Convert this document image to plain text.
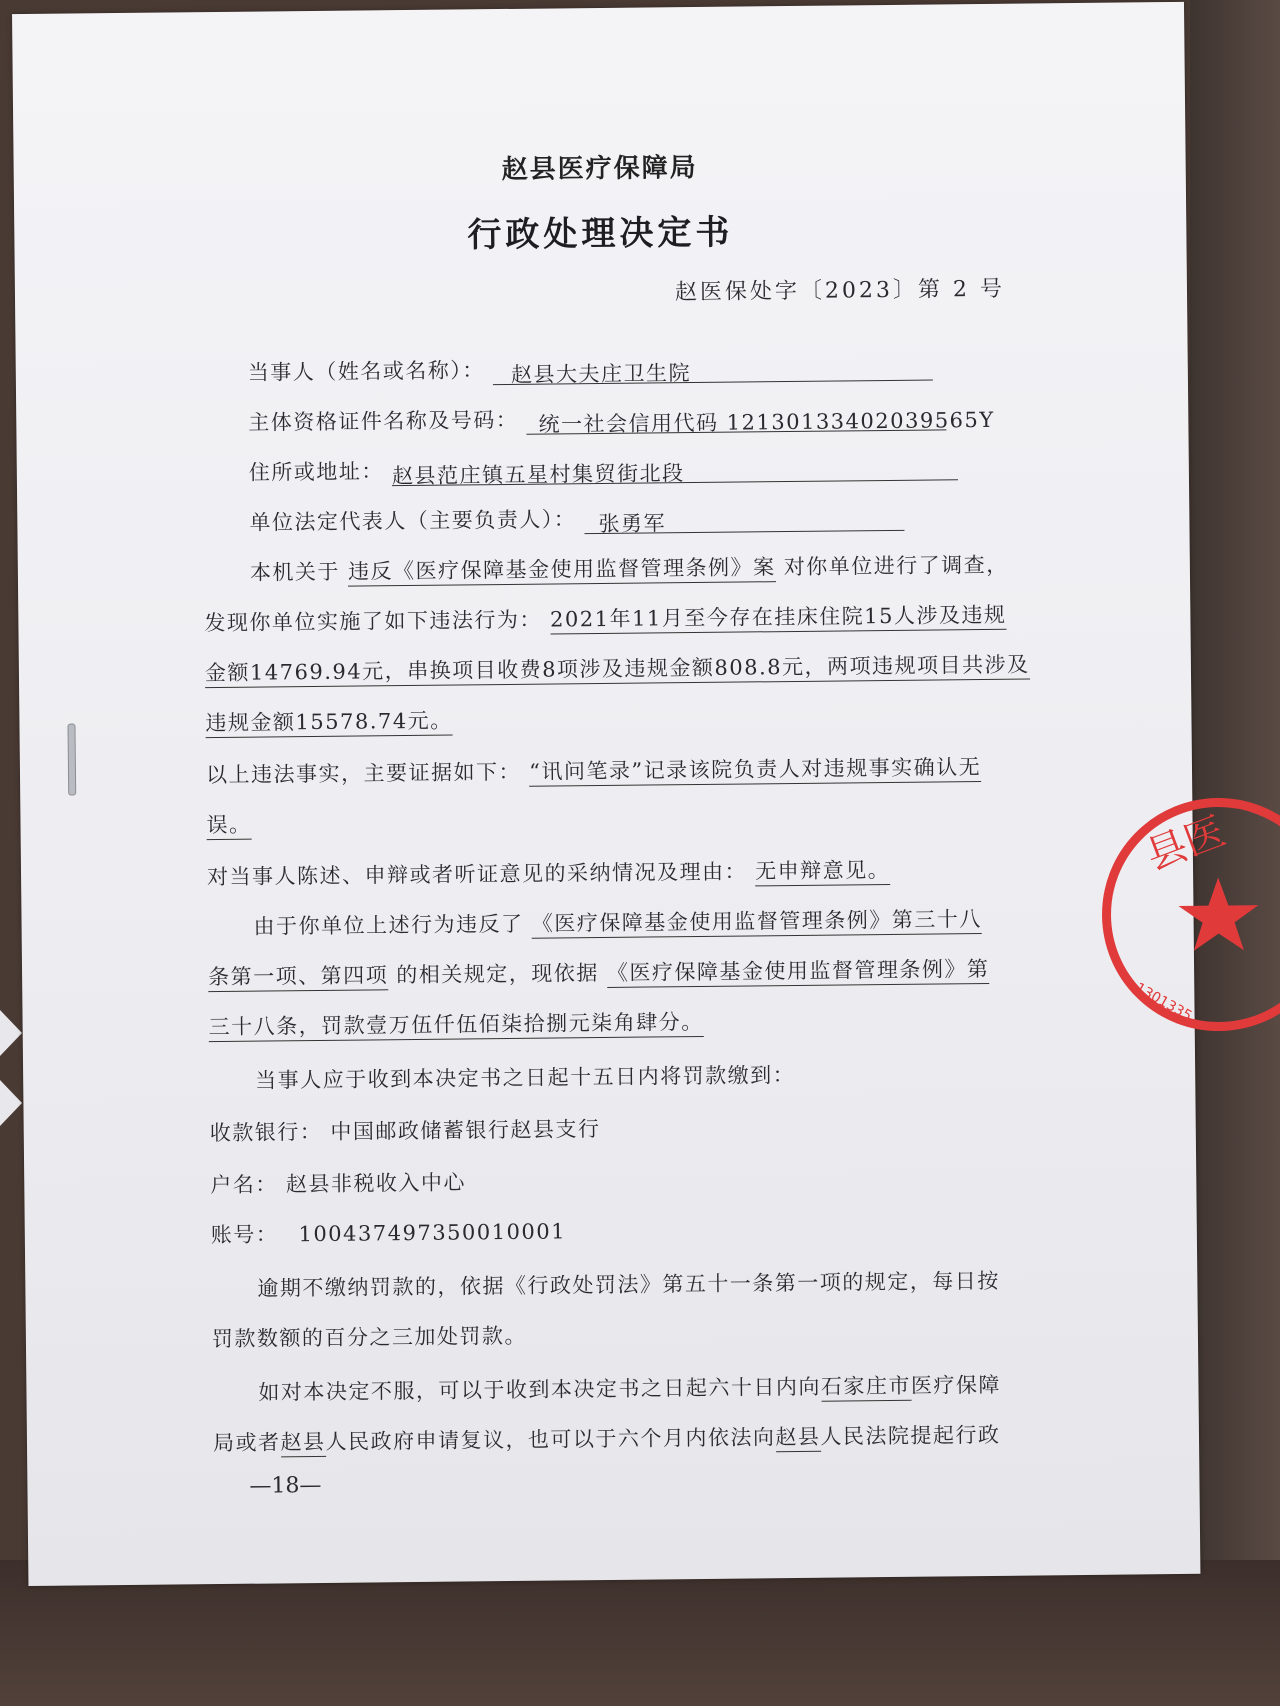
赵县医疗保障局
行政处理决定书
赵医保处字〔2023〕第 2 号
当事人（姓名或名称）： 赵县大夫庄卫生院
主体资格证件名称及号码： 统一社会信用代码 12130133402039565Y
住所或地址： 赵县范庄镇五星村集贸街北段
单位法定代表人（主要负责人）： 张勇军
本机关于 违反《医疗保障基金使用监督管理条例》案 对你单位进行了调查，
发现你单位实施了如下违法行为： 2021年11月至今存在挂床住院15人涉及违规
金额14769.94元，串换项目收费8项涉及违规金额808.8元，两项违规项目共涉及
违规金额15578.74元。
以上违法事实，主要证据如下： “讯问笔录”记录该院负责人对违规事实确认无
误。
对当事人陈述、申辩或者听证意见的采纳情况及理由： 无申辩意见。
由于你单位上述行为违反了 《医疗保障基金使用监督管理条例》第三十八
条第一项、第四项 的相关规定，现依据 《医疗保障基金使用监督管理条例》第
三十八条，罚款壹万伍仟伍佰柒拾捌元柒角肆分。
当事人应于收到本决定书之日起十五日内将罚款缴到：
收款银行： 中国邮政储蓄银行赵县支行
户名： 赵县非税收入中心
账号： 100437497350010001
逾期不缴纳罚款的，依据《行政处罚法》第五十一条第一项的规定，每日按
罚款数额的百分之三加处罚款。
如对本决定不服，可以于收到本决定书之日起六十日内向石家庄市医疗保障
局或者赵县人民政府申请复议，也可以于六个月内依法向赵县人民法院提起行政
—18—
县医
1301335
